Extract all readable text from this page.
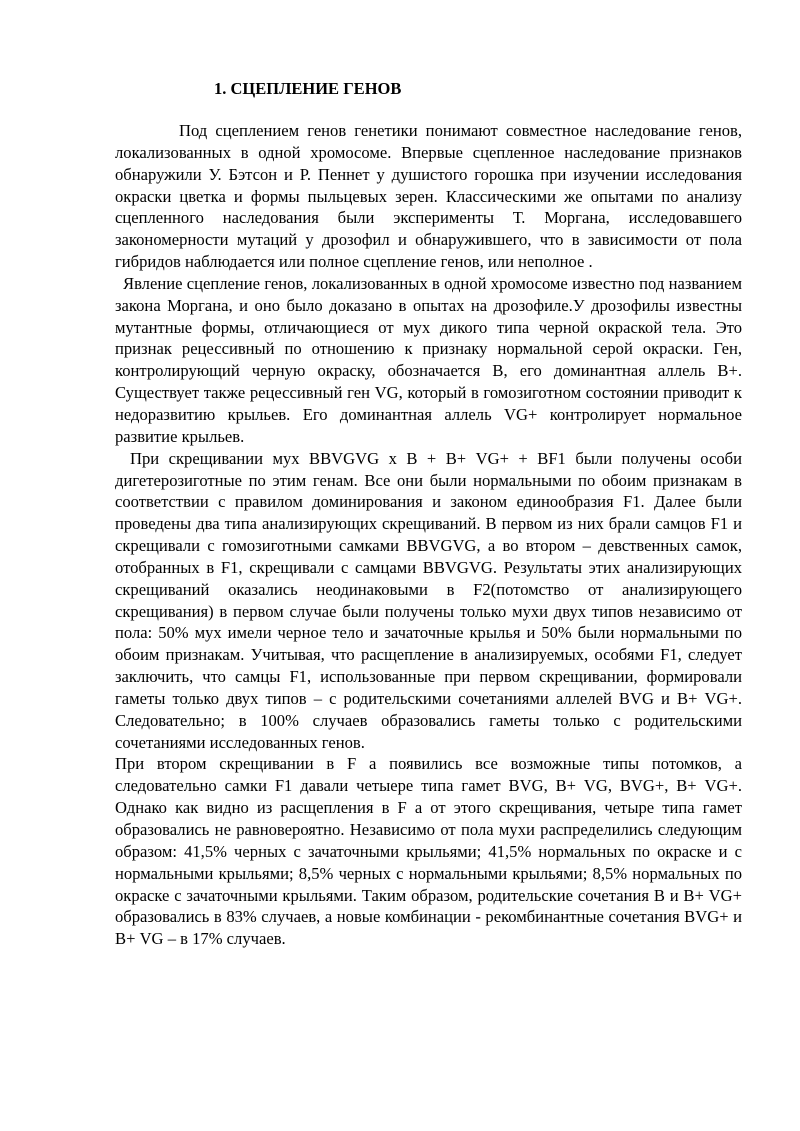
1. СЦЕПЛЕНИЕ ГЕНОВ

Под сцеплением генов генетики понимают совместное наследование генов, локализованных в одной хромосоме. Впервые сцепленное наследование признаков обнаружили У. Бэтсон и Р. Пеннет у душистого горошка при изучении исследования окраски цветка и формы пыльцевых зерен. Классическими же опытами по анализу сцепленного наследования были эксперименты Т. Моргана, исследовавшего закономерности мутаций у дрозофил и обнаружившего, что в зависимости от пола гибридов наблюдается или полное сцепление генов, или неполное .

Явление сцепление генов, локализованных в одной хромосоме известно под названием закона Моргана, и оно было доказано в опытах на дрозофиле.У дрозофилы известны мутантные формы, отличающиеся от мух дикого типа черной окраской тела. Это признак рецессивный по отношению к признаку нормальной серой окраски. Ген, контролирующий черную окраску, обозначается В, его доминантная аллель В+. Существует также рецессивный ген VG, который в гомозиготном состоянии приводит к недоразвитию крыльев. Его доминантная аллель VG+ контролирует нормальное развитие крыльев.

При скрещивании мух BBVGVG х В + В+ VG+ + BF1 были получены особи дигетерозиготные по этим генам. Все они были нормальными по обоим признакам в соответствии с правилом доминирования и законом единообразия F1. Далее были проведены два типа анализирующих скрещиваний. В первом из них брали самцов F1 и скрещивали с гомозиготными самками BBVGVG, а во втором – девственных самок, отобранных в F1, скрещивали с самцами BBVGVG. Результаты этих анализирующих скрещиваний оказались неодинаковыми в F2(потомство от анализирующего скрещивания) в первом случае были получены только мухи двух типов независимо от пола: 50% мух имели черное тело и зачаточные крылья и 50% были нормальными по обоим признакам. Учитывая, что расщепление в анализируемых, особями F1, следует заключить, что самцы F1, использованные при первом скрещивании, формировали гаметы только двух типов – с родительскими сочетаниями аллелей BVG и В+ VG+. Следовательно; в 100% случаев образовались гаметы только с родительскими сочетаниями исследованных генов.

При втором скрещивании в F а появились все возможные типы потомков, а следовательно самки F1 давали четыере типа гамет BVG, В+ VG, BVG+, В+ VG+. Однако как видно из расщепления в F а от этого скрещивания, четыре типа гамет образовались не равновероятно. Независимо от пола мухи распределились следующим образом: 41,5% черных с зачаточными крыльями; 41,5% нормальных по окраске и с нормальными крыльями; 8,5% черных с нормальными крыльями; 8,5% нормальных по окраске с зачаточными крыльями. Таким образом, родительские сочетания В и В+ VG+ образовались в 83% случаев, а новые комбинации - рекомбинантные сочетания BVG+ и В+ VG – в 17% случаев.
